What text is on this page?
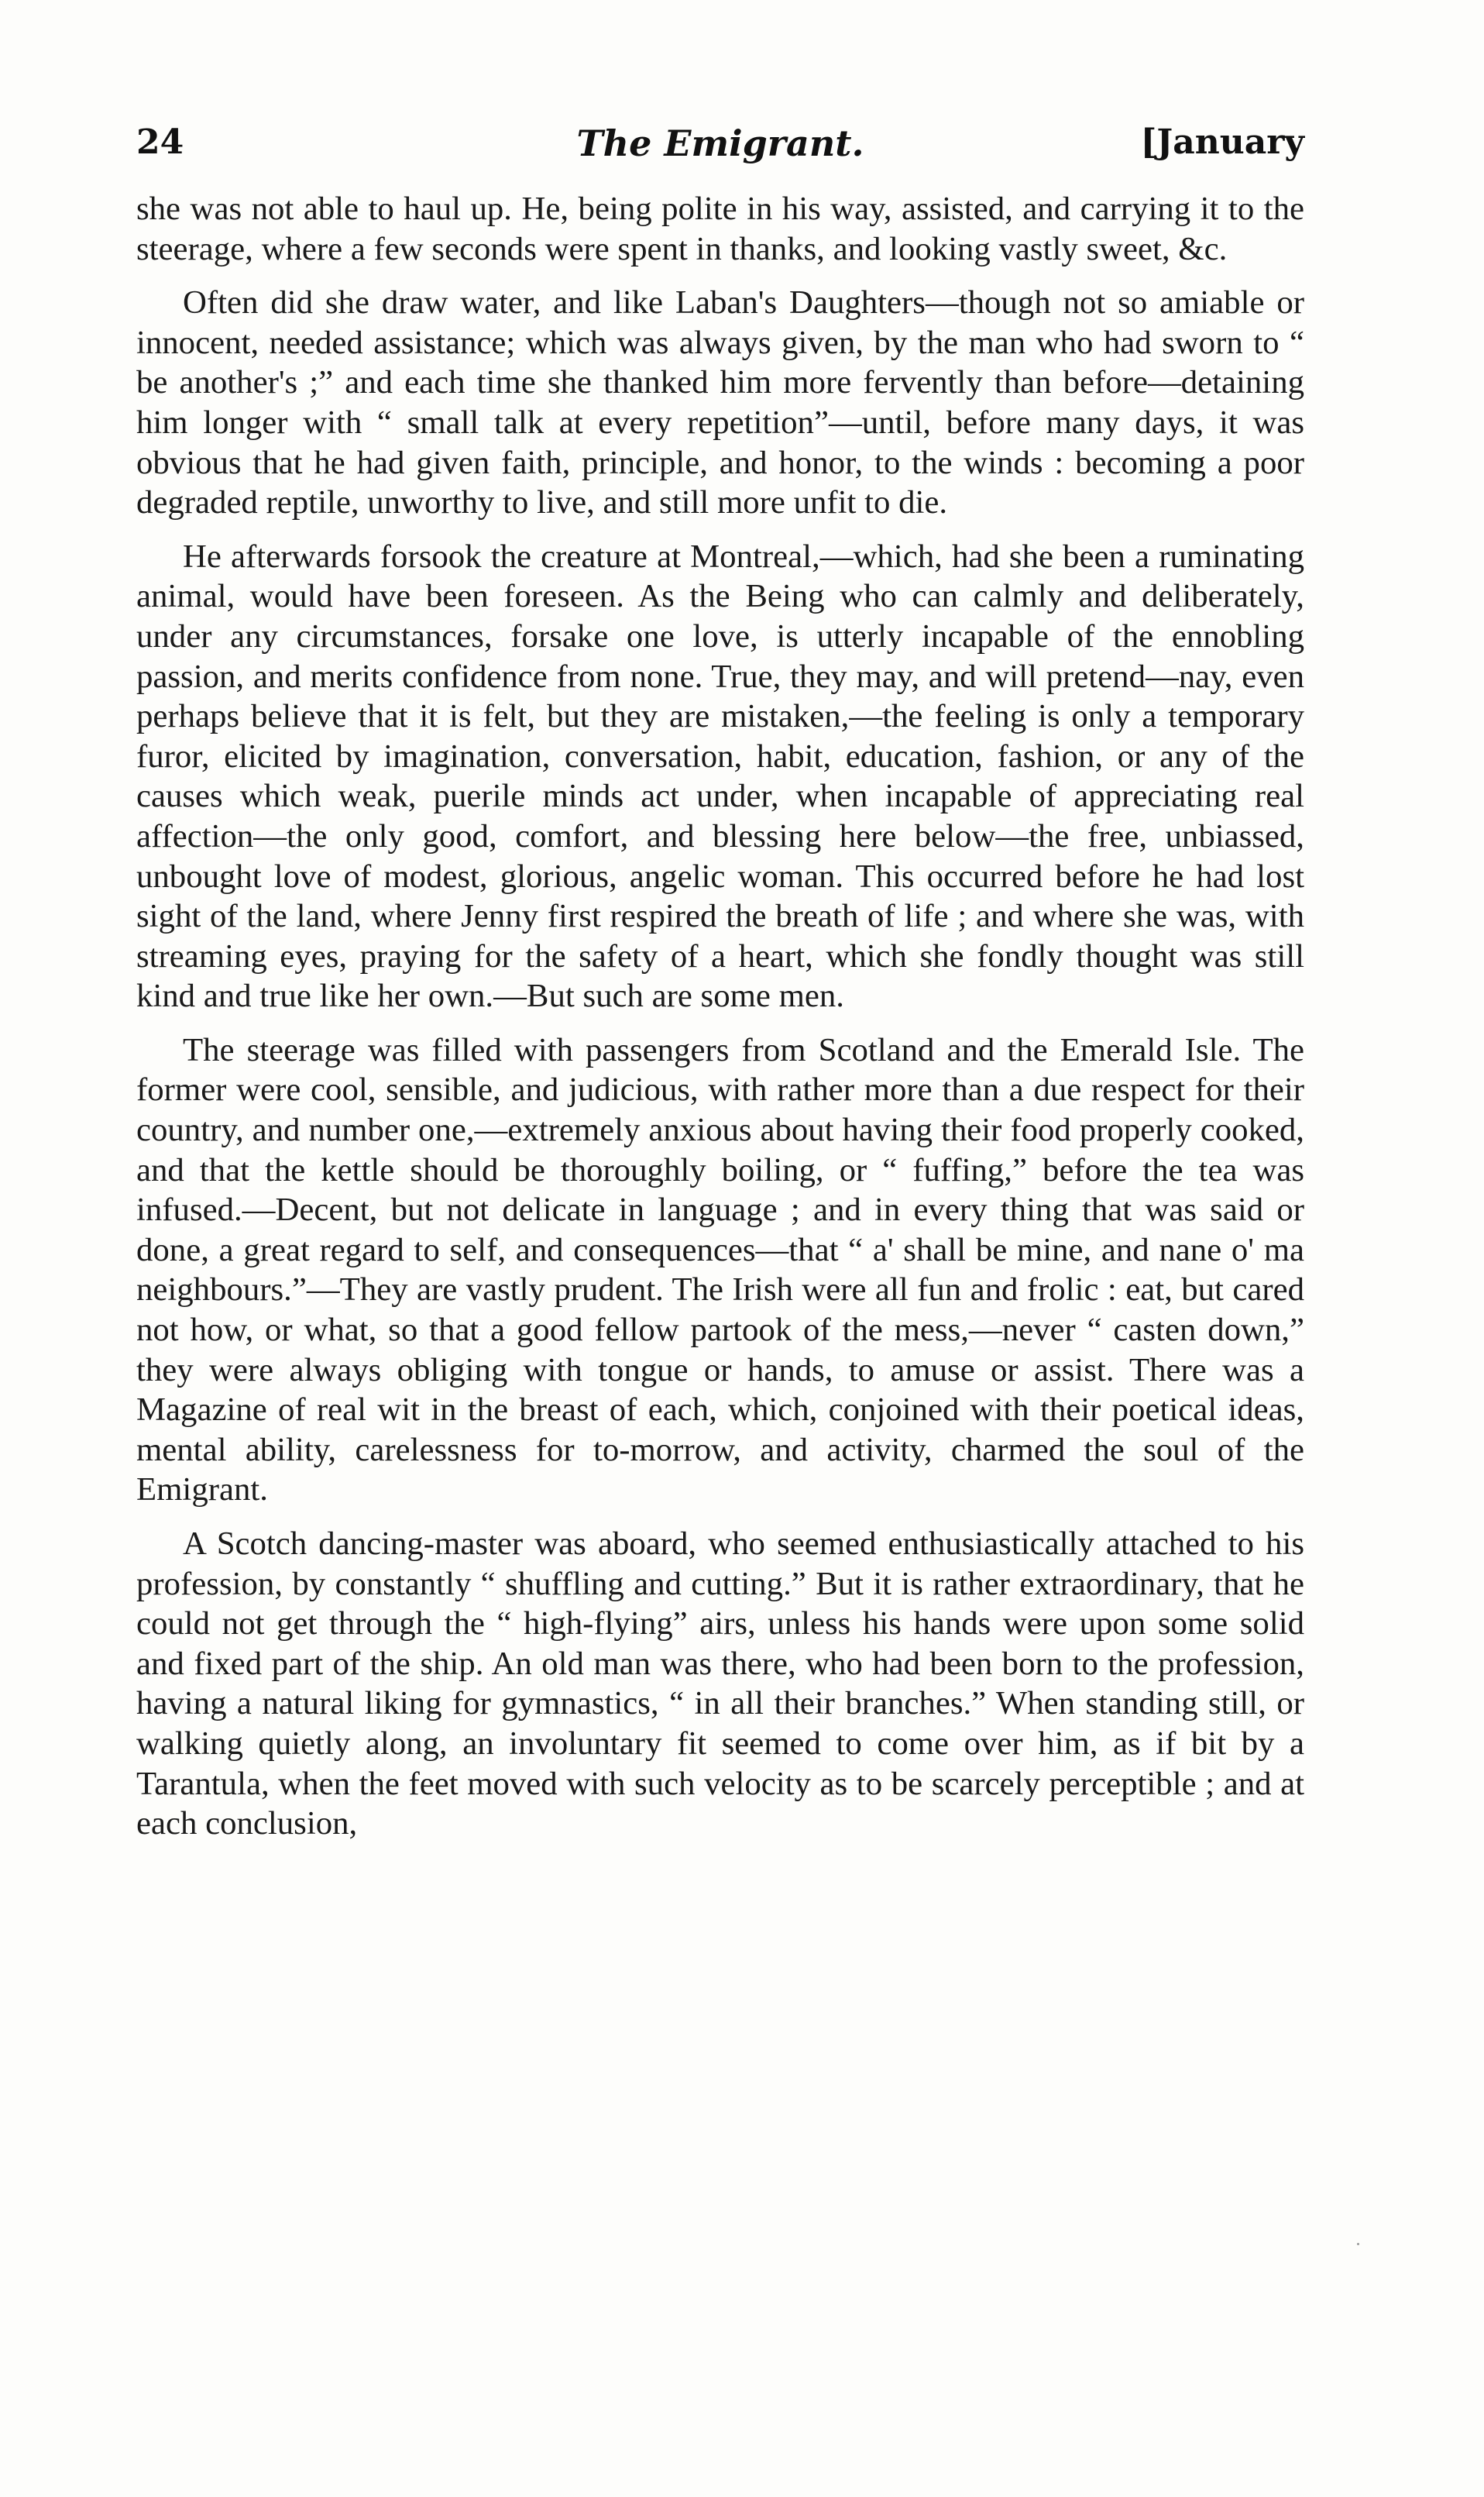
24	The Emigrant.	[January

she was not able to haul up. He, being polite in his way, assisted, and carrying it to the steerage, where a few seconds were spent in thanks, and looking vastly sweet, &c.

Often did she draw water, and like Laban's Daughters—though not so amiable or innocent, needed assistance; which was always given, by the man who had sworn to “ be another's ;” and each time she thanked him more fervently than before—detaining him longer with “ small talk at every repetition”—until, before many days, it was obvious that he had given faith, principle, and honor, to the winds : becoming a poor degraded reptile, unworthy to live, and still more unfit to die.

He afterwards forsook the creature at Montreal,—which, had she been a ruminating animal, would have been foreseen. As the Being who can calmly and deliberately, under any circumstances, forsake one love, is utterly incapable of the ennobling passion, and merits confidence from none. True, they may, and will pretend—nay, even perhaps believe that it is felt, but they are mistaken,—the feeling is only a temporary furor, elicited by imagination, conversation, habit, education, fashion, or any of the causes which weak, puerile minds act under, when incapable of appreciating real affection—the only good, comfort, and blessing here below—the free, unbiassed, unbought love of modest, glorious, angelic woman. This occurred before he had lost sight of the land, where Jenny first respired the breath of life ; and where she was, with streaming eyes, praying for the safety of a heart, which she fondly thought was still kind and true like her own.—But such are some men.

The steerage was filled with passengers from Scotland and the Emerald Isle. The former were cool, sensible, and judicious, with rather more than a due respect for their country, and number one,—extremely anxious about having their food properly cooked, and that the kettle should be thoroughly boiling, or “ fuffing,” before the tea was infused.—Decent, but not delicate in language ; and in every thing that was said or done, a great regard to self, and consequences—that “ a' shall be mine, and nane o' ma neighbours.”—They are vastly prudent. The Irish were all fun and frolic : eat, but cared not how, or what, so that a good fellow partook of the mess,—never “ casten down,” they were always obliging with tongue or hands, to amuse or assist. There was a Magazine of real wit in the breast of each, which, conjoined with their poetical ideas, mental ability, carelessness for to-morrow, and activity, charmed the soul of the Emigrant.

A Scotch dancing-master was aboard, who seemed enthusiastically attached to his profession, by constantly “ shuffling and cutting.” But it is rather extraordinary, that he could not get through the “ high-flying” airs, unless his hands were upon some solid and fixed part of the ship. An old man was there, who had been born to the profession, having a natural liking for gymnastics, “ in all their branches.” When standing still, or walking quietly along, an involuntary fit seemed to come over him, as if bit by a Tarantula, when the feet moved with such velocity as to be scarcely perceptible ; and at each conclusion,
